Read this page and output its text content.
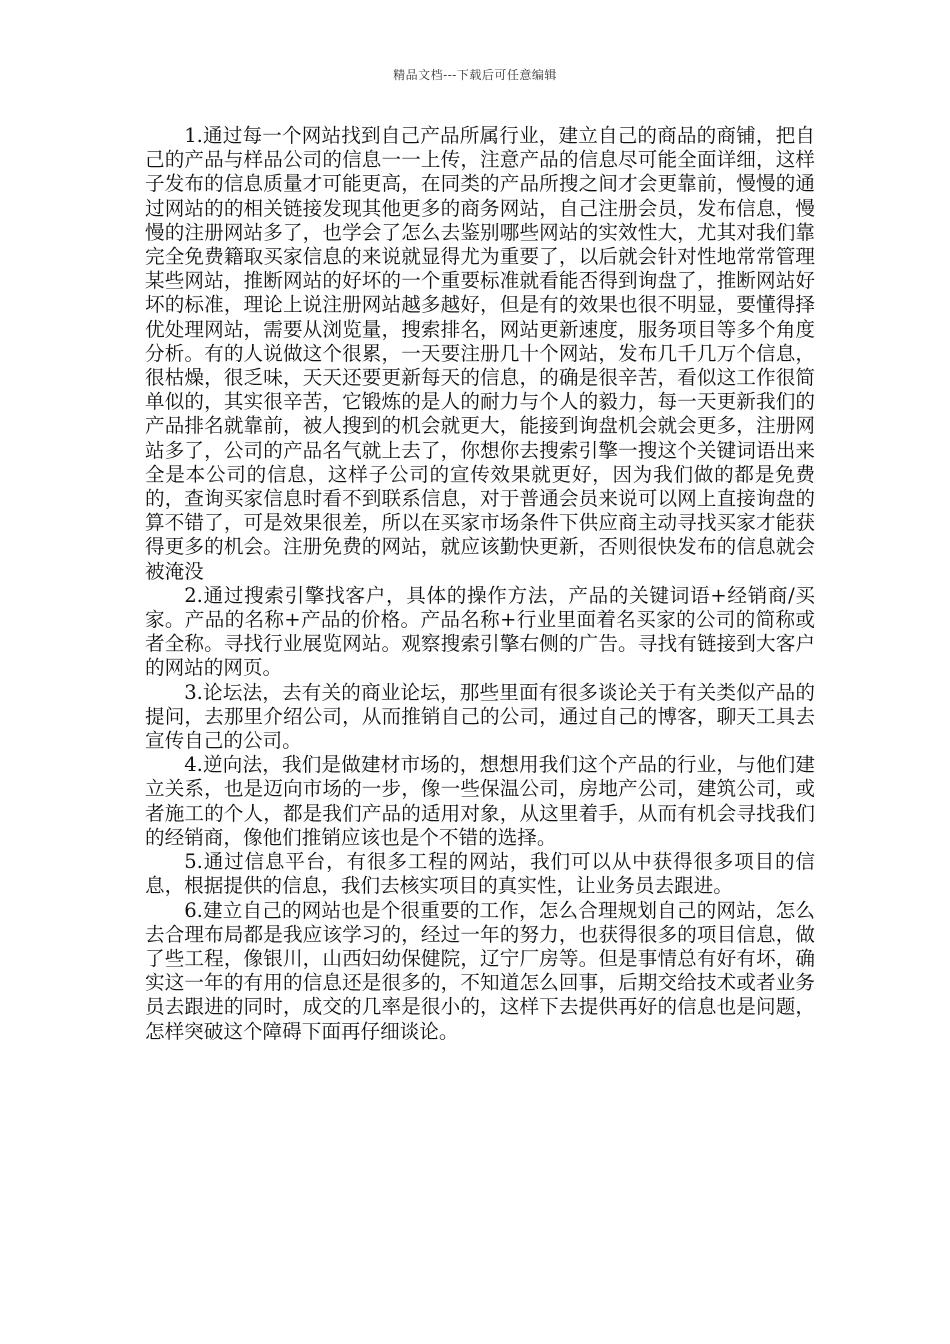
精品文档---下载后可任意编辑

1.通过每一个网站找到自己产品所属行业，建立自己的商品的商铺，把自己的产品与样品公司的信息一一上传，注意产品的信息尽可能全面详细，这样子发布的信息质量才可能更高，在同类的产品所搜之间才会更靠前，慢慢的通过网站的的相关链接发现其他更多的商务网站，自己注册会员，发布信息，慢慢的注册网站多了，也学会了怎么去鉴别哪些网站的实效性大，尤其对我们靠完全免费籍取买家信息的来说就显得尤为重要了，以后就会针对性地常常管理某些网站，推断网站的好坏的一个重要标准就看能否得到询盘了，推断网站好坏的标准，理论上说注册网站越多越好，但是有的效果也很不明显，要懂得择优处理网站，需要从浏览量，搜索排名，网站更新速度，服务项目等多个角度分析。有的人说做这个很累，一天要注册几十个网站，发布几千几万个信息，很枯燥，很乏味，天天还要更新每天的信息，的确是很辛苦，看似这工作很简单似的，其实很辛苦，它锻炼的是人的耐力与个人的毅力，每一天更新我们的产品排名就靠前，被人搜到的机会就更大，能接到询盘机会就会更多，注册网站多了，公司的产品名气就上去了，你想你去搜索引擎一搜这个关键词语出来全是本公司的信息，这样子公司的宣传效果就更好，因为我们做的都是免费的，查询买家信息时看不到联系信息，对于普通会员来说可以网上直接询盘的算不错了，可是效果很差，所以在买家市场条件下供应商主动寻找买家才能获得更多的机会。注册免费的网站，就应该勤快更新，否则很快发布的信息就会被淹没

2.通过搜索引擎找客户，具体的操作方法，产品的关键词语+经销商/买家。产品的名称+产品的价格。产品名称+行业里面着名买家的公司的简称或者全称。寻找行业展览网站。观察搜索引擎右侧的广告。寻找有链接到大客户的网站的网页。

3.论坛法，去有关的商业论坛，那些里面有很多谈论关于有关类似产品的提问，去那里介绍公司，从而推销自己的公司，通过自己的博客，聊天工具去宣传自己的公司。

4.逆向法，我们是做建材市场的，想想用我们这个产品的行业，与他们建立关系，也是迈向市场的一步，像一些保温公司，房地产公司，建筑公司，或者施工的个人，都是我们产品的适用对象，从这里着手，从而有机会寻找我们的经销商，像他们推销应该也是个不错的选择。

5.通过信息平台，有很多工程的网站，我们可以从中获得很多项目的信息，根据提供的信息，我们去核实项目的真实性，让业务员去跟进。

6.建立自己的网站也是个很重要的工作，怎么合理规划自己的网站，怎么去合理布局都是我应该学习的，经过一年的努力，也获得很多的项目信息，做了些工程，像银川，山西妇幼保健院，辽宁厂房等。但是事情总有好有坏，确实这一年的有用的信息还是很多的，不知道怎么回事，后期交给技术或者业务员去跟进的同时，成交的几率是很小的，这样下去提供再好的信息也是问题，怎样突破这个障碍下面再仔细谈论。
